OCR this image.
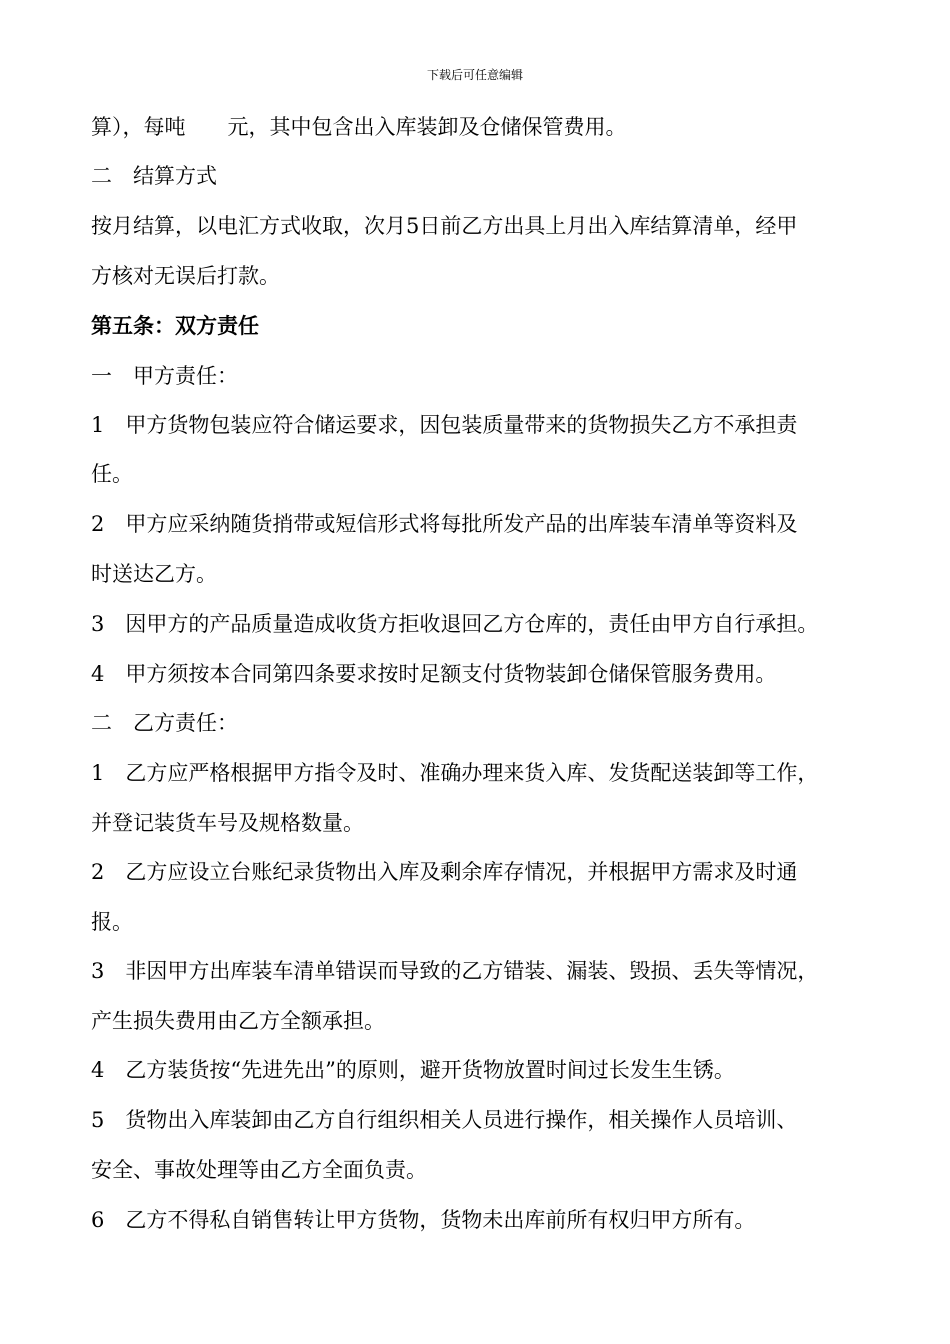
下载后可任意编辑
算），每吨　　元，其中包含出入库装卸及仓储保管费用。
二　结算方式
按月结算，以电汇方式收取，次月5日前乙方出具上月出入库结算清单，经甲
方核对无误后打款。
第五条：双方责任
一　甲方责任：
1　甲方货物包装应符合储运要求，因包装质量带来的货物损失乙方不承担责
任。
2　甲方应采纳随货捎带或短信形式将每批所发产品的出库装车清单等资料及
时送达乙方。
3　因甲方的产品质量造成收货方拒收退回乙方仓库的，责任由甲方自行承担。
4　甲方须按本合同第四条要求按时足额支付货物装卸仓储保管服务费用。
二　乙方责任：
1　乙方应严格根据甲方指令及时、准确办理来货入库、发货配送装卸等工作，
并登记装货车号及规格数量。
2　乙方应设立台账纪录货物出入库及剩余库存情况，并根据甲方需求及时通
报。
3　非因甲方出库装车清单错误而导致的乙方错装、漏装、毁损、丢失等情况，
产生损失费用由乙方全额承担。
4　乙方装货按“先进先出”的原则，避开货物放置时间过长发生生锈。
5　货物出入库装卸由乙方自行组织相关人员进行操作，相关操作人员培训、
安全、事故处理等由乙方全面负责。
6　乙方不得私自销售转让甲方货物，货物未出库前所有权归甲方所有。
